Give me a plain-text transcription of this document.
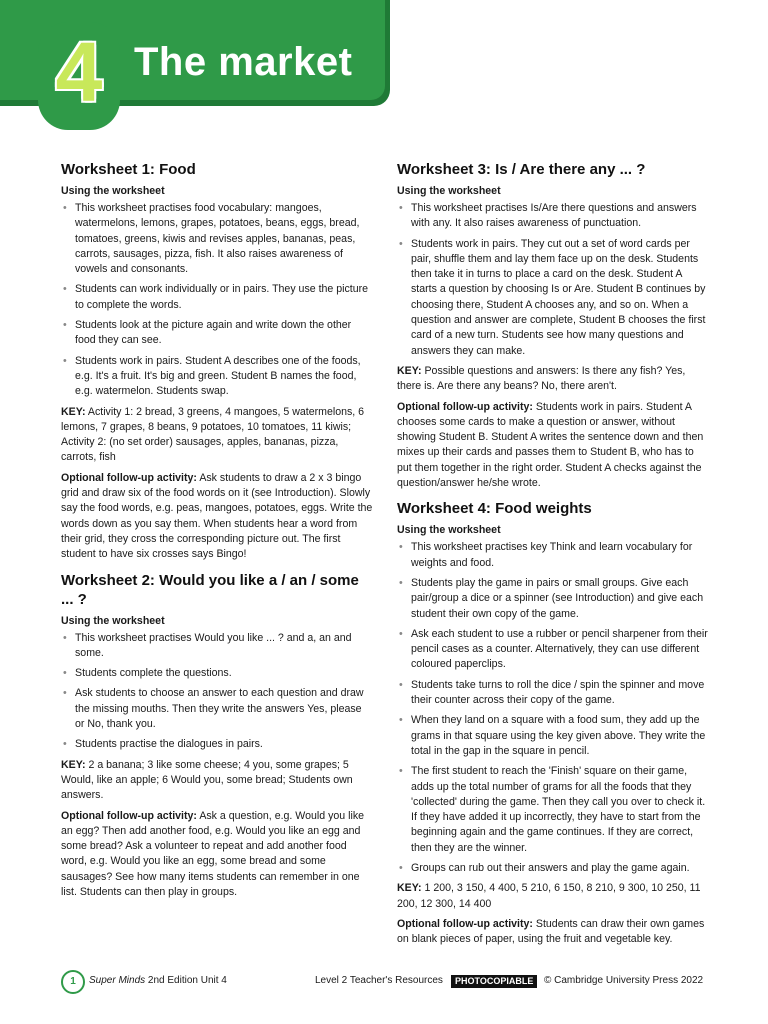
4 The market
Worksheet 1: Food
Using the worksheet
• This worksheet practises food vocabulary: mangoes, watermelons, lemons, grapes, potatoes, beans, eggs, bread, tomatoes, greens, kiwis and revises apples, bananas, peas, carrots, sausages, pizza, fish. It also raises awareness of vowels and consonants.
• Students can work individually or in pairs. They use the picture to complete the words.
• Students look at the picture again and write down the other food they can see.
• Students work in pairs. Student A describes one of the foods, e.g. It's a fruit. It's big and green. Student B names the food, e.g. watermelon. Students swap.

KEY: Activity 1: 2 bread, 3 greens, 4 mangoes, 5 watermelons, 6 lemons, 7 grapes, 8 beans, 9 potatoes, 10 tomatoes, 11 kiwis; Activity 2: (no set order) sausages, apples, bananas, pizza, carrots, fish

Optional follow-up activity: Ask students to draw a 2 x 3 bingo grid and draw six of the food words on it (see Introduction). Slowly say the food words, e.g. peas, mangoes, potatoes, eggs. Write the words down as you say them. When students hear a word from their grid, they cross the corresponding picture out. The first student to have six crosses says Bingo!

Worksheet 2: Would you like a / an / some ... ?
Using the worksheet
• This worksheet practises Would you like ... ? and a, an and some.
• Students complete the questions.
• Ask students to choose an answer to each question and draw the missing mouths. Then they write the answers Yes, please or No, thank you.
• Students practise the dialogues in pairs.

KEY: 2 a banana; 3 like some cheese; 4 you, some grapes; 5 Would, like an apple; 6 Would you, some bread; Students own answers.

Optional follow-up activity: Ask a question, e.g. Would you like an egg? Then add another food, e.g. Would you like an egg and some bread? Ask a volunteer to repeat and add another food word, e.g. Would you like an egg, some bread and some sausages? See how many items students can remember in one list. Students can then play in groups.

Worksheet 3: Is / Are there any ... ?
Using the worksheet
• This worksheet practises Is/Are there questions and answers with any. It also raises awareness of punctuation.
• Students work in pairs. They cut out a set of word cards per pair, shuffle them and lay them face up on the desk. Students then take it in turns to place a card on the desk. Student A starts a question by choosing Is or Are. Student B continues by choosing there, Student A chooses any, and so on. When a question and answer are complete, Student B chooses the first card of a new turn. Students see how many questions and answers they can make.

KEY: Possible questions and answers: Is there any fish? Yes, there is. Are there any beans? No, there aren't.

Optional follow-up activity: Students work in pairs. Student A chooses some cards to make a question or answer, without showing Student B. Student A writes the sentence down and then mixes up their cards and passes them to Student B, who has to put them together in the right order. Student A checks against the question/answer he/she wrote.

Worksheet 4: Food weights
Using the worksheet
• This worksheet practises key Think and learn vocabulary for weights and food.
• Students play the game in pairs or small groups. Give each pair/group a dice or a spinner (see Introduction) and give each student their own copy of the game.
• Ask each student to use a rubber or pencil sharpener from their pencil cases as a counter. Alternatively, they can use different coloured paperclips.
• Students take turns to roll the dice / spin the spinner and move their counter across their copy of the game.
• When they land on a square with a food sum, they add up the grams in that square using the key given above. They write the total in the gap in the square in pencil.
• The first student to reach the 'Finish' square on their game, adds up the total number of grams for all the foods that they 'collected' during the game. Then they call you over to check it. If they have added it up incorrectly, they have to start from the beginning again and the game continues. If they are correct, then they are the winner.
• Groups can rub out their answers and play the game again.

KEY: 1 200, 3 150, 4 400, 5 210, 6 150, 8 210, 9 300, 10 250, 11 200, 12 300, 14 400

Optional follow-up activity: Students can draw their own games on blank pieces of paper, using the fruit and vegetable key.

1	Super Minds 2nd Edition Unit 4	Level 2 Teacher's Resources	PHOTOCOPIABLE	© Cambridge University Press 2022
